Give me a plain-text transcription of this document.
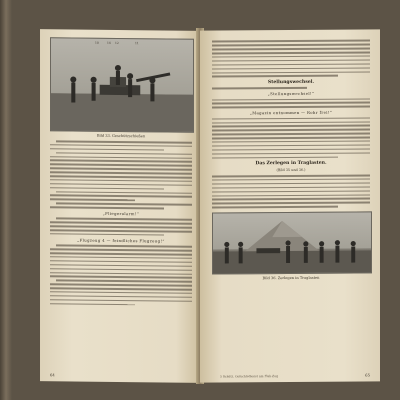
10	14 12	11
Bild 33. Geschützschießen
„Fliegeralarm!“
„Flugzeug 4 — feindliches Flugzeug!“
64
Stellungswechsel.
„Stellungswechsel!“
„Magazin entnommen — Rohr frei!“
Das Zerlegen in Traglasten.
(Bild 35 und 36.)
Bild 36. Zerlegen in Traglasten
5 Schütz. Gefechtsdienst am Flak-Zug	65
